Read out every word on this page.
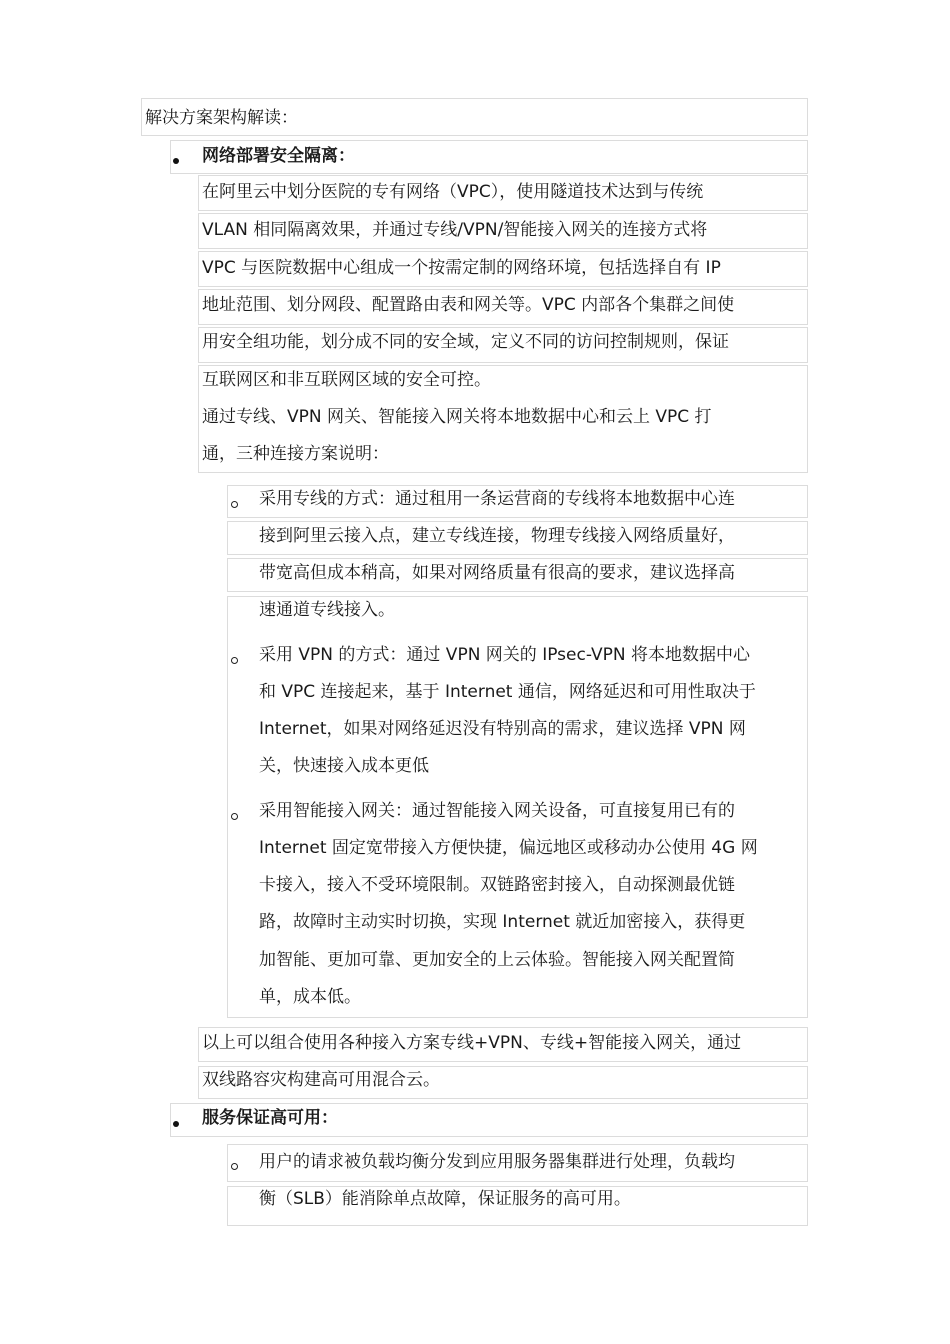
解决方案架构解读：
网络部署安全隔离：
在阿里云中划分医院的专有网络（VPC），使用隧道技术达到与传统
VLAN 相同隔离效果，并通过专线/VPN/智能接入网关的连接方式将
VPC 与医院数据中心组成一个按需定制的网络环境，包括选择自有 IP
地址范围、划分网段、配置路由表和网关等。VPC 内部各个集群之间使
用安全组功能，划分成不同的安全域，定义不同的访问控制规则，保证
互联网区和非互联网区域的安全可控。
通过专线、VPN 网关、智能接入网关将本地数据中心和云上 VPC 打
通，三种连接方案说明：
采用专线的方式：通过租用一条运营商的专线将本地数据中心连
接到阿里云接入点，建立专线连接，物理专线接入网络质量好，
带宽高但成本稍高，如果对网络质量有很高的要求，建议选择高
速通道专线接入。
采用 VPN 的方式：通过 VPN 网关的 IPsec-VPN 将本地数据中心
和 VPC 连接起来，基于 Internet 通信，网络延迟和可用性取决于
Internet，如果对网络延迟没有特别高的需求，建议选择 VPN 网
关，快速接入成本更低
采用智能接入网关：通过智能接入网关设备，可直接复用已有的
Internet 固定宽带接入方便快捷，偏远地区或移动办公使用 4G 网
卡接入，接入不受环境限制。双链路密封接入，自动探测最优链
路，故障时主动实时切换，实现 Internet 就近加密接入，获得更
加智能、更加可靠、更加安全的上云体验。智能接入网关配置简
单，成本低。
以上可以组合使用各种接入方案专线+VPN、专线+智能接入网关，通过
双线路容灾构建高可用混合云。
服务保证高可用：
用户的请求被负载均衡分发到应用服务器集群进行处理，负载均
衡（SLB）能消除单点故障，保证服务的高可用。
